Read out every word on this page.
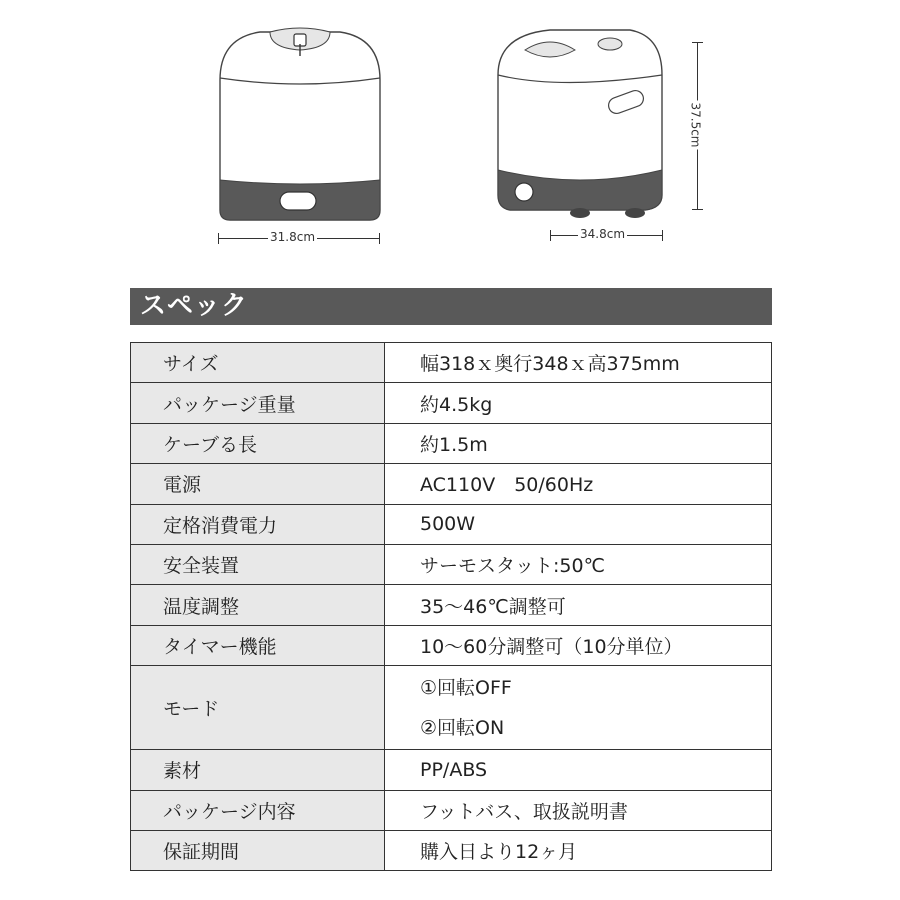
31.8cm	34.8cm
37.5cm
スペック
サイズ	幅318ｘ奥行348ｘ高375mm
パッケージ重量	約4.5kg
ケーブる長	約1.5m
電源	AC110V　50/60Hz
定格消費電力	500W
安全装置	サーモスタット:50℃
温度調整	35～46℃調整可
タイマー機能	10～60分調整可（10分単位）
モード	①回転OFF
②回転ON

素材	PP/ABS
パッケージ内容	フットバス、取扱説明書
保証期間	購入日より12ヶ月
